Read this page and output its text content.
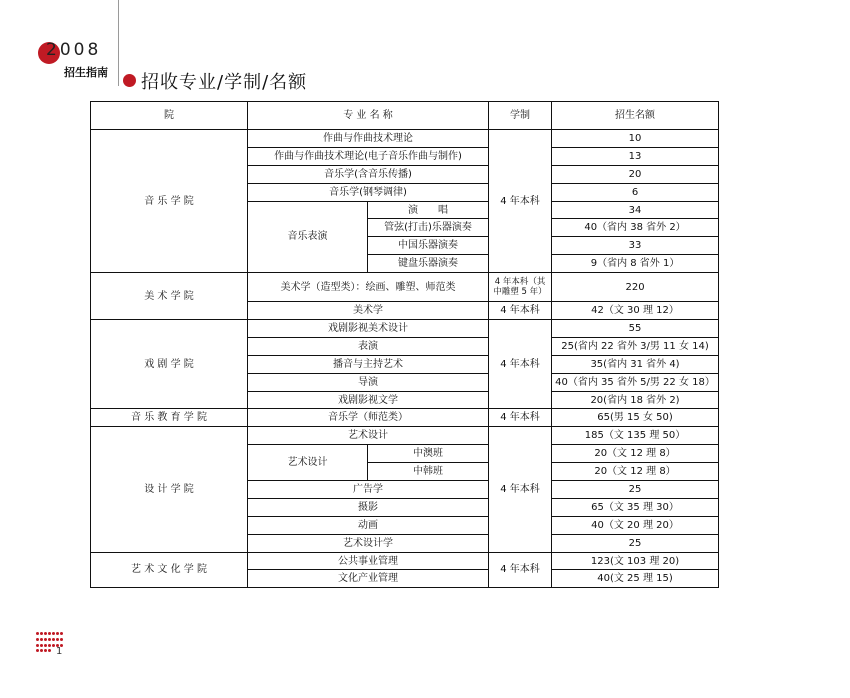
2008
招生指南 招收专业/学制/名额
院	专 业 名 称		学制	招生名额
音 乐 学 院	作曲与作曲技术理论		4 年本科	10
	作曲与作曲技术理论(电子音乐作曲与制作)			13
	音乐学(含音乐传播)			20
	音乐学(钢琴调律)			6
	音乐表演	演　　唱		34
		管弦(打击)乐器演奏		40（省内 38 省外 2）
		中国乐器演奏		33
		键盘乐器演奏		9（省内 8 省外 1）
美 术 学 院	美术学（造型类）：绘画、雕塑、师范类		4 年本科（其中雕塑 5 年）	220
	美术学		4 年本科	42（文 30 理 12）
戏 剧 学 院	戏剧影视美术设计		4 年本科	55
	表演			25(省内 22 省外 3/男 11 女 14)
	播音与主持艺术			35(省内 31 省外 4)
	导演			40（省内 35 省外 5/男 22 女 18）
	戏剧影视文学			20(省内 18 省外 2)
音 乐 教 育 学 院	音乐学（师范类）		4 年本科	65(男 15 女 50)
设 计 学 院	艺术设计		4 年本科	185（文 135 理 50）
	艺术设计	中澳班		20（文 12 理 8）
		中韩班		20（文 12 理 8）
	广告学			25
	摄影			65（文 35 理 30）
	动画			40（文 20 理 20）
	艺术设计学			25
艺 术 文 化 学 院	公共事业管理		4 年本科	123(文 103 理 20)
	文化产业管理			40(文 25 理 15)
1
